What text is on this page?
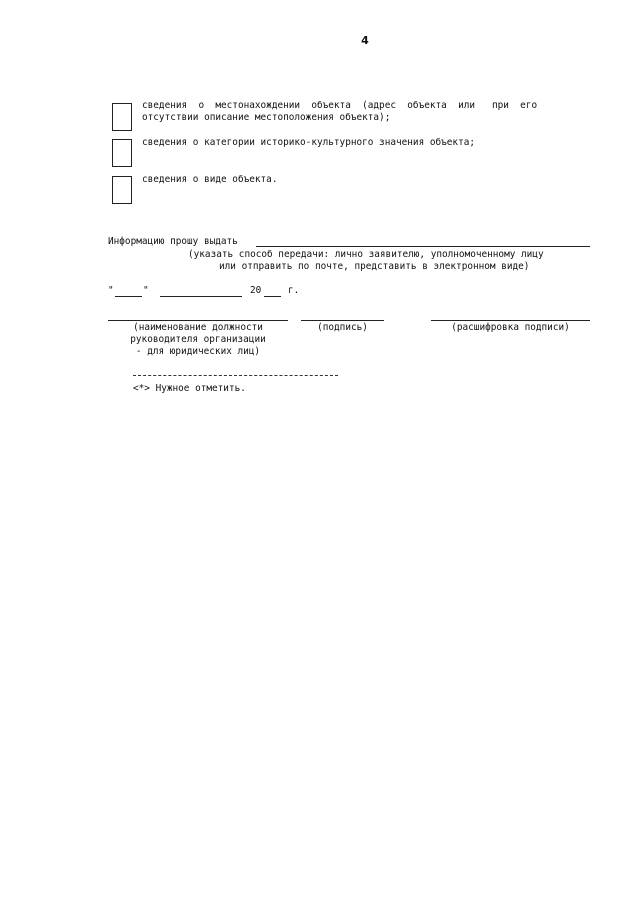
4
сведения  о  местонахождении  объекта  (адрес  объекта  или   при  его
отсутствии описание местоположения объекта);
сведения о категории историко-культурного значения объекта;
сведения о виде объекта.
Информацию прошу выдать
(указать способ передачи: лично заявителю, уполномоченному лицу
или отправить по почте, представить в электронном виде)
"	"	20	г.
(наименование должности
руководителя организации
- для юридических лиц)
(подпись)	(расшифровка подписи)
<*> Нужное отметить.
